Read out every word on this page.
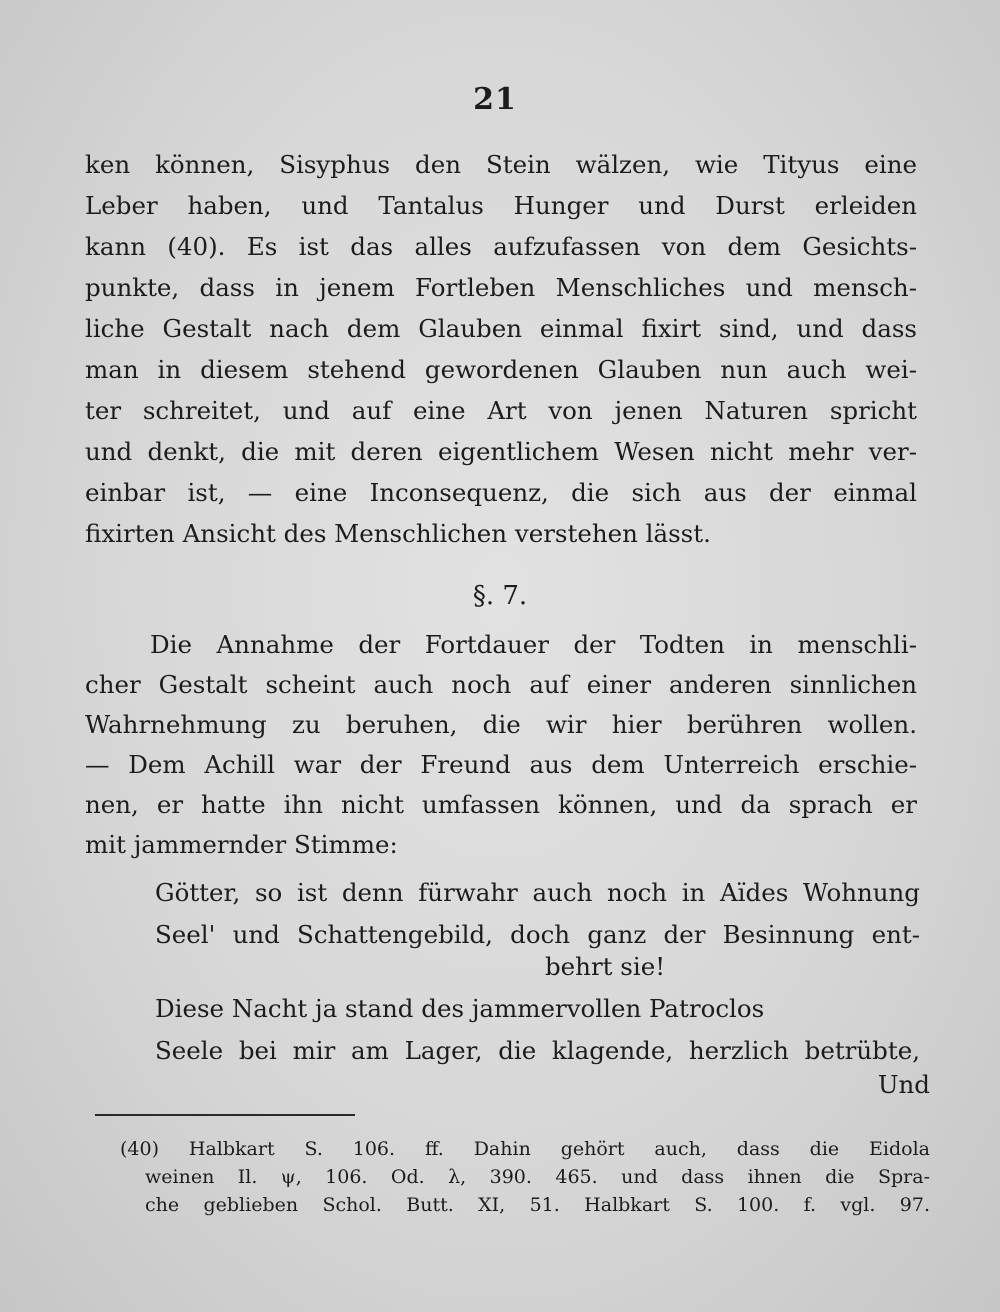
21
ken können, Sisyphus den Stein wälzen, wie Tityus eine
Leber haben, und Tantalus Hunger und Durst erleiden
kann (40). Es ist das alles aufzufassen von dem Gesichts-
punkte, dass in jenem Fortleben Menschliches und mensch-
liche Gestalt nach dem Glauben einmal fixirt sind, und dass
man in diesem stehend gewordenen Glauben nun auch wei-
ter schreitet, und auf eine Art von jenen Naturen spricht
und denkt, die mit deren eigentlichem Wesen nicht mehr ver-
einbar ist, — eine Inconsequenz, die sich aus der einmal
fixirten Ansicht des Menschlichen verstehen lässt.
§. 7.
Die Annahme der Fortdauer der Todten in menschli-
cher Gestalt scheint auch noch auf einer anderen sinnlichen
Wahrnehmung zu beruhen, die wir hier berühren wollen.
— Dem Achill war der Freund aus dem Unterreich erschie-
nen, er hatte ihn nicht umfassen können, und da sprach er
mit jammernder Stimme:
Götter, so ist denn fürwahr auch noch in Aïdes Wohnung
Seel' und Schattengebild, doch ganz der Besinnung ent-
behrt sie!
Diese Nacht ja stand des jammervollen Patroclos
Seele bei mir am Lager, die klagende, herzlich betrübte,
Und
(40) Halbkart S. 106. ff. Dahin gehört auch, dass die Eidola
weinen Il. ψ, 106. Od. λ, 390. 465. und dass ihnen die Spra-
che geblieben Schol. Butt. XI, 51. Halbkart S. 100. f. vgl. 97.
